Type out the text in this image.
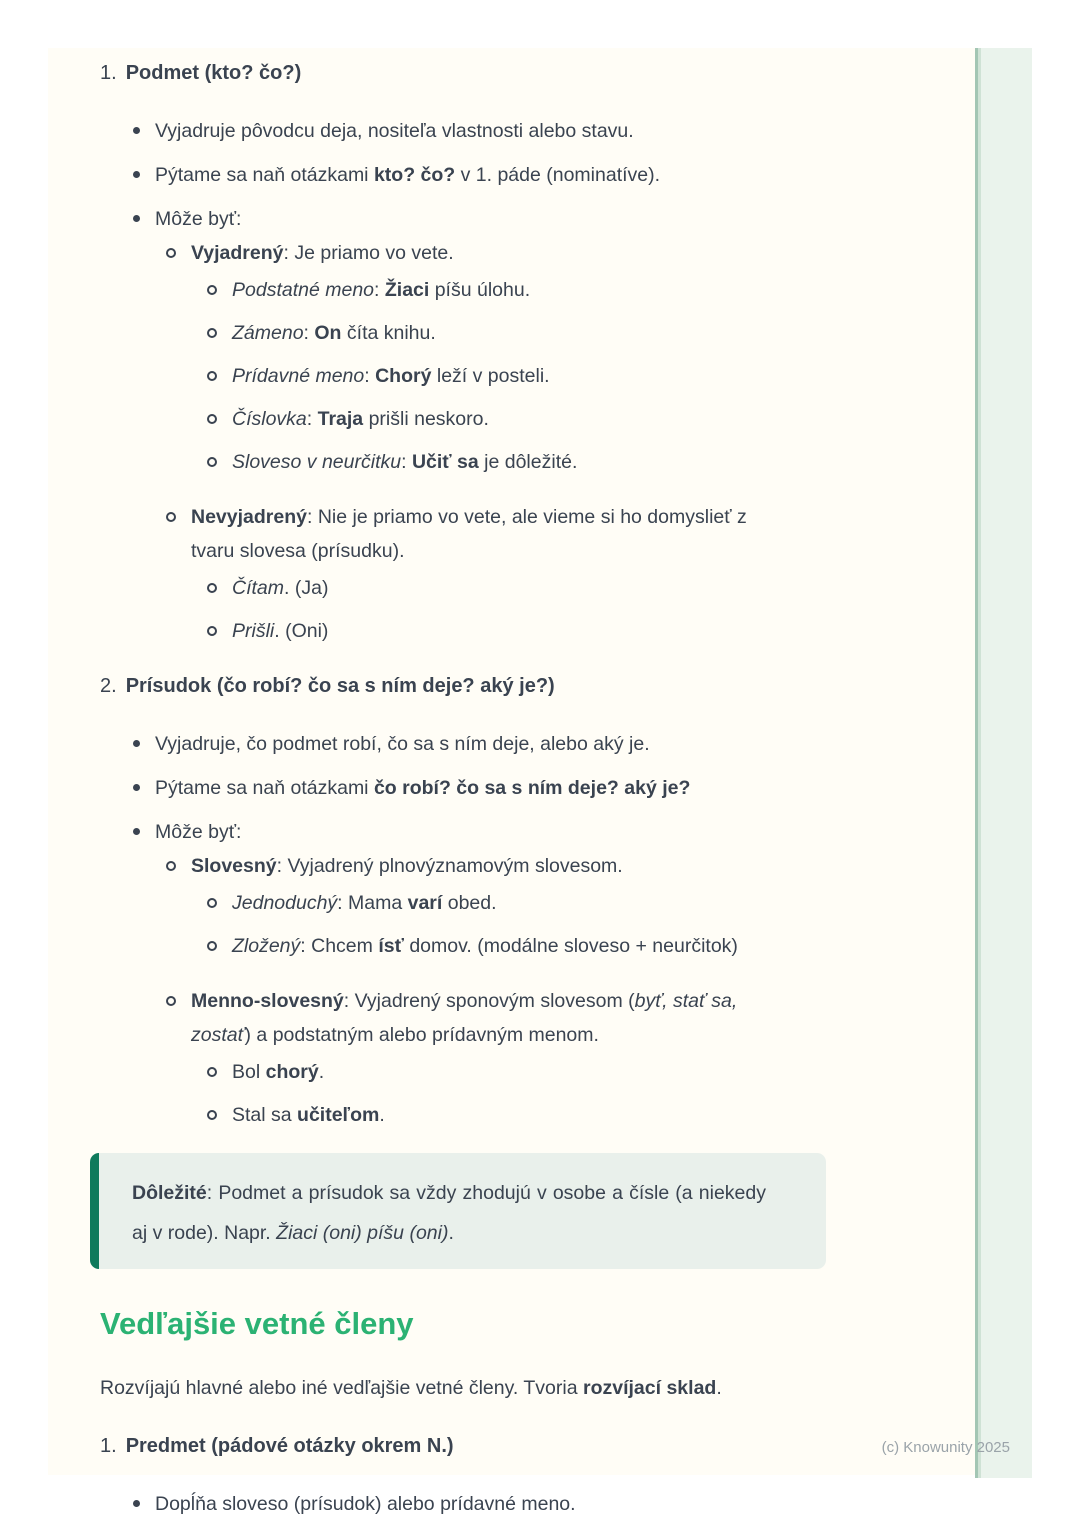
1. Podmet (kto? čo?)
Vyjadruje pôvodcu deja, nositeľa vlastnosti alebo stavu.
Pýtame sa naň otázkami kto? čo? v 1. páde (nominatíve).
Môže byť:
Vyjadrený: Je priamo vo vete.
Podstatné meno: Žiaci píšu úlohu.
Zámeno: On číta knihu.
Prídavné meno: Chorý leží v posteli.
Číslovka: Traja prišli neskoro.
Sloveso v neurčitku: Učiť sa je dôležité.
Nevyjadrený: Nie je priamo vo vete, ale vieme si ho domyslieť z
tvaru slovesa (prísudku).
Čítam. (Ja)
Prišli. (Oni)
2. Prísudok (čo robí? čo sa s ním deje? aký je?)
Vyjadruje, čo podmet robí, čo sa s ním deje, alebo aký je.
Pýtame sa naň otázkami čo robí? čo sa s ním deje? aký je?
Môže byť:
Slovesný: Vyjadrený plnovýznamovým slovesom.
Jednoduchý: Mama varí obed.
Zložený: Chcem ísť domov. (modálne sloveso + neurčitok)
Menno-slovesný: Vyjadrený sponovým slovesom (byť, stať sa,
zostať) a podstatným alebo prídavným menom.
Bol chorý.
Stal sa učiteľom.

Dôležité: Podmet a prísudok sa vždy zhodujú v osobe a čísle (a niekedy aj v rode). Napr. Žiaci (oni) píšu (oni).

Vedľajšie vetné členy

Rozvíjajú hlavné alebo iné vedľajšie vetné členy. Tvoria rozvíjací sklad.

1. Predmet (pádové otázky okrem N.)
Dopĺňa sloveso (prísudok) alebo prídavné meno.
(c) Knowunity 2025
